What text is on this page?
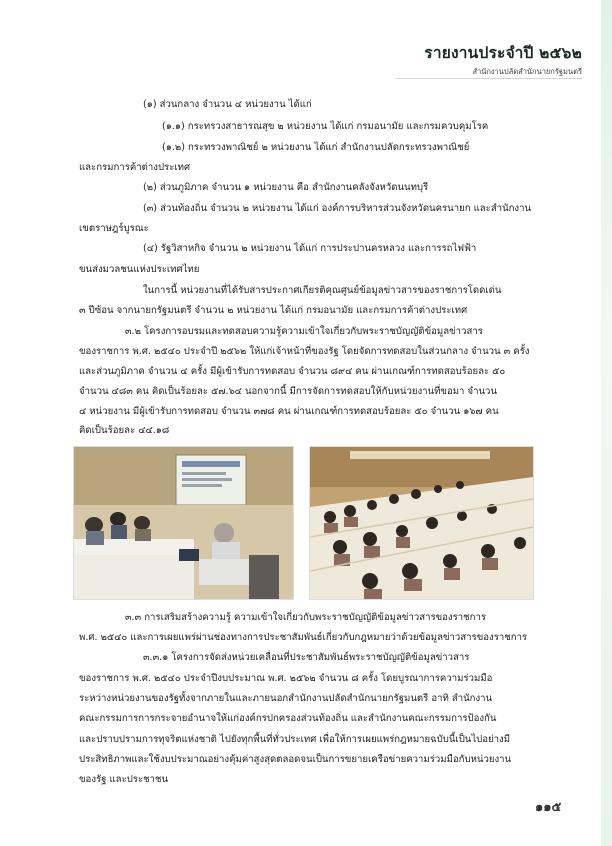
รายงานประจำปี ๒๕๖๒
สำนักงานปลัดสำนักนายกรัฐมนตรี
(๑) ส่วนกลาง จำนวน ๔ หน่วยงาน ได้แก่
(๑.๑) กระทรวงสาธารณสุข ๒ หน่วยงาน ได้แก่ กรมอนามัย และกรมควบคุมโรค
(๑.๒) กระทรวงพาณิชย์ ๒ หน่วยงาน ได้แก่ สำนักงานปลัดกระทรวงพาณิชย์
และกรมการค้าต่างประเทศ
(๒) ส่วนภูมิภาค จำนวน ๑ หน่วยงาน คือ สำนักงานคลังจังหวัดนนทบุรี
(๓) ส่วนท้องถิ่น จำนวน ๒ หน่วยงาน ได้แก่ องค์การบริหารส่วนจังหวัดนครนายก และสำนักงาน
เขตราษฎร์บูรณะ
(๔) รัฐวิสาหกิจ จำนวน ๒ หน่วยงาน ได้แก่ การประปานครหลวง และการรถไฟฟ้า
ขนส่งมวลชนแห่งประเทศไทย
ในการนี้ หน่วยงานที่ได้รับสารประกาศเกียรติคุณศูนย์ข้อมูลข่าวสารของราชการโดดเด่น
๓ ปีซ้อน จากนายกรัฐมนตรี จำนวน ๒ หน่วยงาน ได้แก่ กรมอนามัย และกรมการค้าต่างประเทศ
๓.๒ โครงการอบรมและทดสอบความรู้ความเข้าใจเกี่ยวกับพระราชบัญญัติข้อมูลข่าวสาร
ของราชการ พ.ศ. ๒๕๔๐ ประจำปี ๒๕๖๒ ให้แก่เจ้าหน้าที่ของรัฐ โดยจัดการทดสอบในส่วนกลาง จำนวน ๓ ครั้ง
และส่วนภูมิภาค จำนวน ๔ ครั้ง มีผู้เข้ารับการทดสอบ จำนวน ๘๙๔ คน ผ่านเกณฑ์การทดสอบร้อยละ ๕๐
จำนวน ๔๘๓ คน คิดเป็นร้อยละ ๕๗.๖๔ นอกจากนี้ มีการจัดการทดสอบให้กับหน่วยงานที่ขอมา จำนวน
๔ หน่วยงาน มีผู้เข้ารับการทดสอบ จำนวน ๓๗๘ คน ผ่านเกณฑ์การทดสอบร้อยละ ๕๐ จำนวน ๑๖๗ คน
คิดเป็นร้อยละ ๔๔.๑๘
๓.๓ การเสริมสร้างความรู้ ความเข้าใจเกี่ยวกับพระราชบัญญัติข้อมูลข่าวสารของราชการ
พ.ศ. ๒๕๔๐ และการเผยแพร่ผ่านช่องทางการประชาสัมพันธ์เกี่ยวกับกฎหมายว่าด้วยข้อมูลข่าวสารของราชการ
๓.๓.๑ โครงการจัดส่งหน่วยเคลื่อนที่ประชาสัมพันธ์พระราชบัญญัติข้อมูลข่าวสาร
ของราชการ พ.ศ. ๒๕๔๐ ประจำปีงบประมาณ พ.ศ. ๒๕๖๒ จำนวน ๘ ครั้ง โดยบูรณาการความร่วมมือ
ระหว่างหน่วยงานของรัฐทั้งจากภายในและภายนอกสำนักงานปลัดสำนักนายกรัฐมนตรี อาทิ สำนักงาน
คณะกรรมการการกระจายอำนาจให้แก่องค์กรปกครองส่วนท้องถิ่น และสำนักงานคณะกรรมการป้องกัน
และปราบปรามการทุจริตแห่งชาติ ไปยังทุกพื้นที่ทั่วประเทศ เพื่อให้การเผยแพร่กฎหมายฉบับนี้เป็นไปอย่างมี
ประสิทธิภาพและใช้งบประมาณอย่างคุ้มค่าสูงสุดตลอดจนเป็นการขยายเครือข่ายความร่วมมือกับหน่วยงาน
ของรัฐ และประชาชน
๑๑๕
